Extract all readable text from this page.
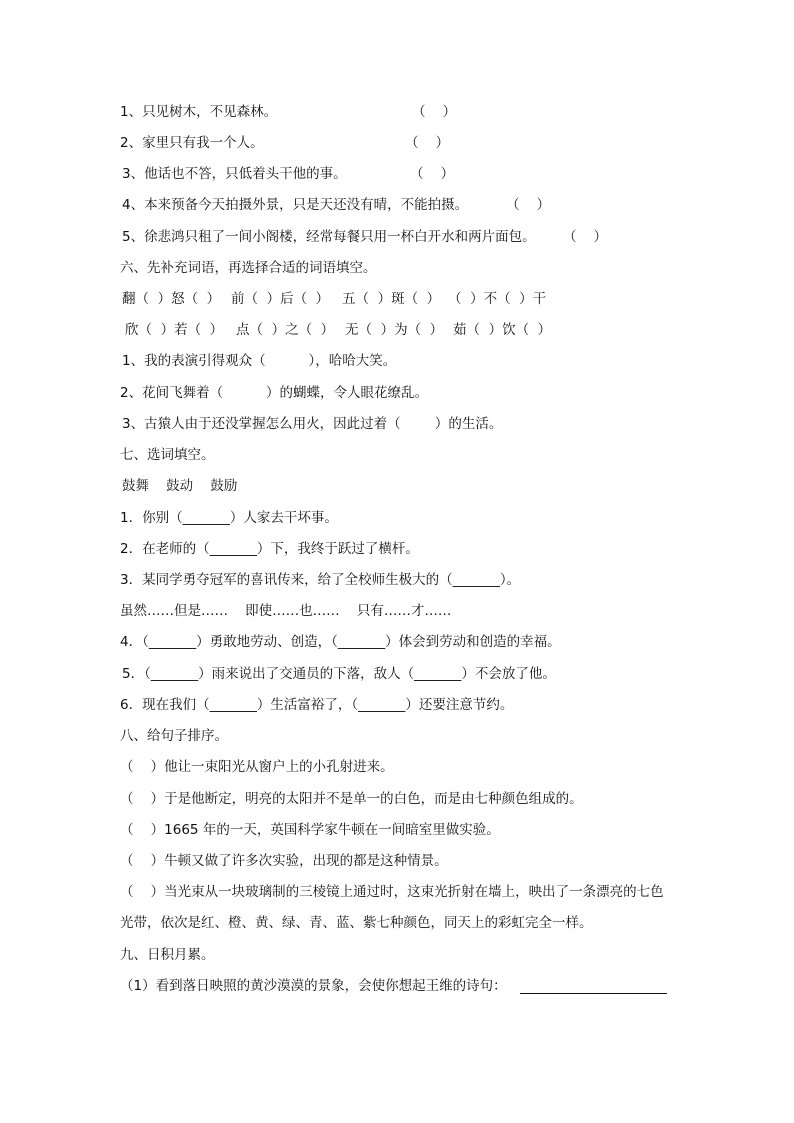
1、只见树木，不见森林。	（    ）
2、家里只有我一个人。	（    ）
3、他话也不答，只低着头干他的事。	（    ）
4、本来预备今天拍摄外景，只是天还没有晴，不能拍摄。	（    ）
5、徐悲鸿只租了一间小阁楼，经常每餐只用一杯白开水和两片面包。 （    ）
六、先补充词语，再选择合适的词语填空。
翻（  ）怒（  ） 前（  ）后（  ） 五（  ）斑（  ） （  ）不（  ）干
欣（  ）若（  ） 点（  ）之（  ） 无（  ）为（  ） 茹（  ）饮（  ）
1、我的表演引得观众（          ），哈哈大笑。
2、花间飞舞着（          ）的蝴蝶，令人眼花缭乱。
3、古猿人由于还没掌握怎么用火，因此过着（        ）的生活。
七、选词填空。
鼓舞    鼓动    鼓励
1．你别（_______）人家去干坏事。
2．在老师的（_______）下，我终于跃过了横杆。
3．某同学勇夺冠军的喜讯传来，给了全校师生极大的（_______）。
虽然……但是……    即使……也……    只有……才……
4．（_______）勇敢地劳动、创造，（_______）体会到劳动和创造的幸福。
5．（_______）雨来说出了交通员的下落，敌人（_______）不会放了他。
6．现在我们（_______）生活富裕了，（_______）还要注意节约。
八、给句子排序。
（    ）他让一束阳光从窗户上的小孔射进来。
（    ）于是他断定，明亮的太阳并不是单一的白色，而是由七种颜色组成的。
（    ）1665 年的一天，英国科学家牛顿在一间暗室里做实验。
（    ）牛顿又做了许多次实验，出现的都是这种情景。
（    ）当光束从一块玻璃制的三棱镜上通过时，这束光折射在墙上，映出了一条漂亮的七色
光带，依次是红、橙、黄、绿、青、蓝、紫七种颜色，同天上的彩虹完全一样。
九、日积月累。
（1）看到落日映照的黄沙漠漠的景象，会使你想起王维的诗句：
